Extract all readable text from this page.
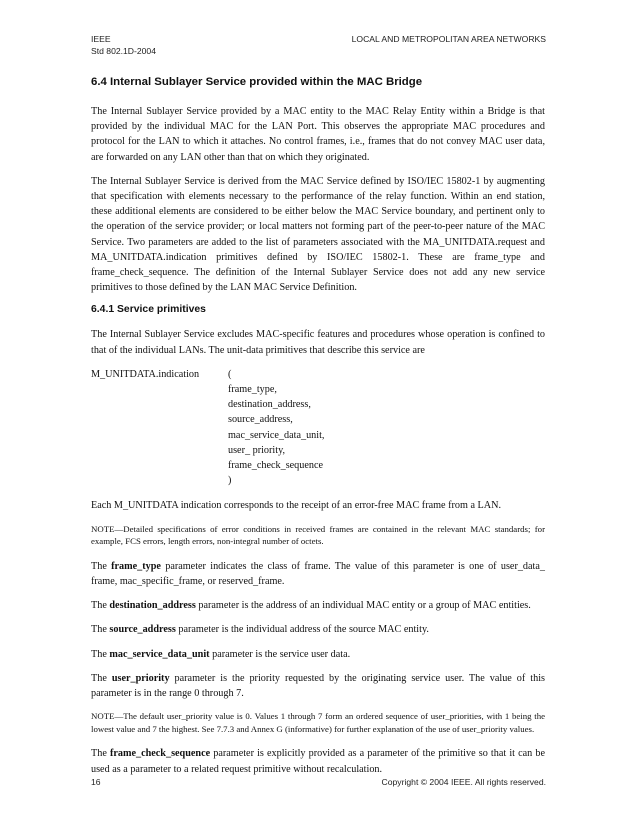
IEEE
Std 802.1D-2004
LOCAL AND METROPOLITAN AREA NETWORKS
6.4 Internal Sublayer Service provided within the MAC Bridge

The Internal Sublayer Service provided by a MAC entity to the MAC Relay Entity within a Bridge is that provided by the individual MAC for the LAN Port. This observes the appropriate MAC procedures and protocol for the LAN to which it attaches. No control frames, i.e., frames that do not convey MAC user data, are forwarded on any LAN other than that on which they originated.

The Internal Sublayer Service is derived from the MAC Service defined by ISO/IEC 15802-1 by augmenting that specification with elements necessary to the performance of the relay function. Within an end station, these additional elements are considered to be either below the MAC Service boundary, and pertinent only to the operation of the service provider; or local matters not forming part of the peer-to-peer nature of the MAC Service. Two parameters are added to the list of parameters associated with the MA_UNITDATA.request and MA_UNITDATA.indication primitives defined by ISO/IEC 15802-1. These are frame_type and frame_check_sequence. The definition of the Internal Sublayer Service does not add any new service primitives to those defined by the LAN MAC Service Definition.

6.4.1 Service primitives

The Internal Sublayer Service excludes MAC-specific features and procedures whose operation is confined to that of the individual LANs. The unit-data primitives that describe this service are

M_UNITDATA.indication	(
frame_type,
destination_address,
source_address,
mac_service_data_unit,
user_ priority,
frame_check_sequence
)

Each M_UNITDATA indication corresponds to the receipt of an error-free MAC frame from a LAN.

NOTE—Detailed specifications of error conditions in received frames are contained in the relevant MAC standards; for example, FCS errors, length errors, non-integral number of octets.

The frame_type parameter indicates the class of frame. The value of this parameter is one of user_data_ frame, mac_specific_frame, or reserved_frame.

The destination_address parameter is the address of an individual MAC entity or a group of MAC entities.

The source_address parameter is the individual address of the source MAC entity.

The mac_service_data_unit parameter is the service user data.

The user_priority parameter is the priority requested by the originating service user. The value of this parameter is in the range 0 through 7.

NOTE—The default user_priority value is 0. Values 1 through 7 form an ordered sequence of user_priorities, with 1 being the lowest value and 7 the highest. See 7.7.3 and Annex G (informative) for further explanation of the use of user_priority values.

The frame_check_sequence parameter is explicitly provided as a parameter of the primitive so that it can be used as a parameter to a related request primitive without recalculation.

16	Copyright © 2004 IEEE. All rights reserved.
